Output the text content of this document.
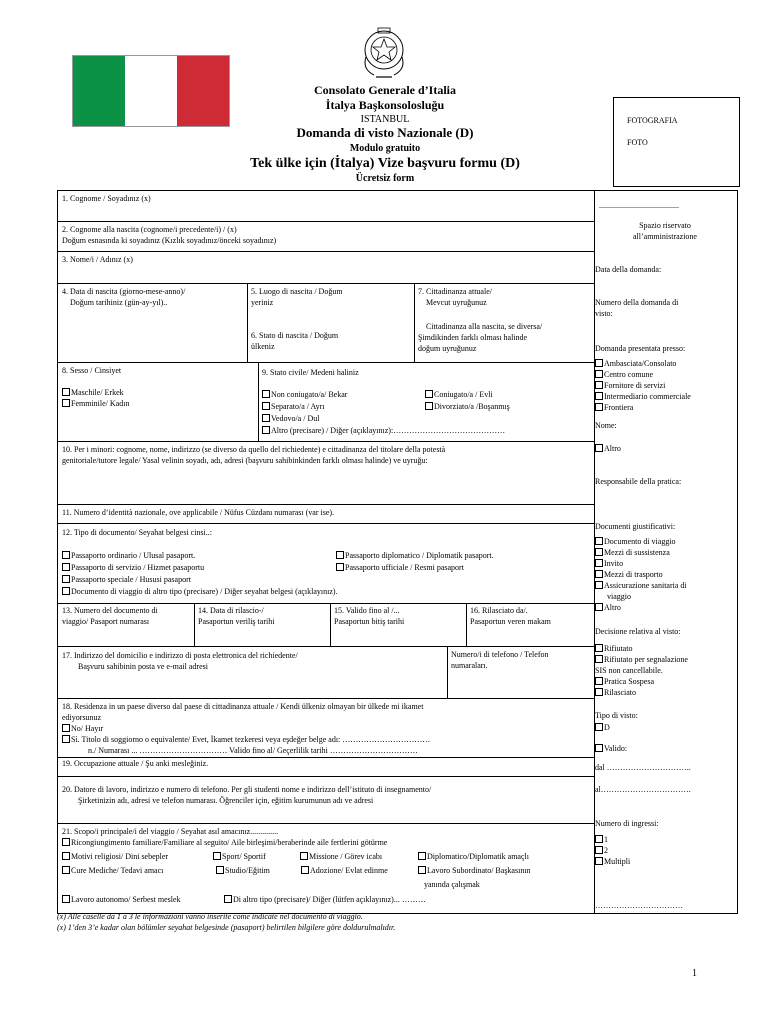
Consolato Generale d’Italia
İtalya Başkonsolosluğu
ISTANBUL
Domanda di visto Nazionale (D)
Modulo gratuito
Tek ülke için (İtalya) Vize başvuru formu (D)
Ücretsiz form
FOTOGRAFIA
FOTO
1. Cognome / Soyadınız (x)
2. Cognome alla nascita (cognome/i precedente/i) / (x)
Doğum esnasında ki soyadınız (Kızlık soyadınız/önceki soyadınız)
3. Nome/i / Adınız (x)
4. Data di nascita (giorno-mese-anno)/
Doğum tarihiniz (gün-ay-yıl)..
5. Luogo di nascita / Doğum
yeriniz
6. Stato di nascita / Doğum
ülkeniz
7. Cittadinanza attuale/
Mevcut uyruğunuz
Cittadinanza alla nascita, se diversa/
Şimdikinden farklı olması halinde
doğum uyruğunuz
8. Sesso / Cinsiyet
Maschile/ Erkek
Femminile/ Kadın
9. Stato civile/ Medeni haliniz
Non coniugato/a/ Bekar
Separato/a / Ayrı
Vedovo/a / Dul
Altro (precisare) / Diğer (açıklayınız):……………………………………
Coniugato/a / Evli
Divorziato/a /Boşanmış
10. Per i minori: cognome, nome, indirizzo (se diverso da quello del richiedente) e cittadinanza del titolare della potestà
genitoriale/tutore legale/ Yasal velinin soyadı, adı, adresi (başvuru sahibinkinden farklı olması halinde) ve uyruğu:
11. Numero d’identità nazionale, ove applicabile / Nüfus Cüzdanı numarası (var ise).
12. Tipo di documento/ Seyahat belgesi cinsi..:
Passaporto ordinario / Ulusal pasaport.
Passaporto di servizio / Hizmet pasaportu
Passaporto speciale / Hususi pasaport
Documento di viaggio di altro tipo (precisare) / Diğer seyahat belgesi (açıklayınız).
Passaporto diplomatico / Diplomatik pasaport.
Passaporto ufficiale / Resmi pasaport
13. Numero del documento di
viaggio/ Pasaport numarası
14. Data di rilascio-/
Pasaportun veriliş tarihi
15. Valido fino al /...
Pasaportun bitiş tarihi
16. Rilasciato da/.
Pasaportun veren makam
17. Indirizzo del domicilio e indirizzo di posta elettronica del richiedente/
Başvuru sahibinin posta ve e-mail adresi
Numero/i di telefono / Telefon
numaraları.
18. Residenza in un paese diverso dal paese di cittadinanza attuale / Kendi ülkeniz olmayan bir ülkede mi ikamet
ediyorsunuz
No/ Hayır
Sì. Titolo di soggiorno o equivalente/ Evet, İkamet tezkeresi veya eşdeğer belge adı: ……………………………
n./ Numarası ... …………………………… Valido fino al/ Geçerlilik tarihi ……………………………
19. Occupazione attuale / Şu anki mesleğiniz.
20. Datore di lavoro, indirizzo e numero di telefono. Per gli studenti nome e indirizzo dell’istituto di insegnamento/
Şirketinizin adı, adresi ve telefon numarası. Öğrenciler için, eğitim kurumunun adı ve adresi
21. Scopo/i principale/i del viaggio / Seyahat asıl amacınız..............
Ricongiungimento familiare/Familiare al seguito/ Aile birleşimi/beraberinde aile fertlerini götürme
Motivi religiosi/ Dini sebepler	Sport/ Sportif	Missione / Görev icabı	Diplomatico/Diplomatik amaçlı
Cure Mediche/ Tedavi amacı	Studio/Eğitim	Adozione/ Evlat edinme	Lavoro Subordinato/ Başkasının
yanında çalışmak
Lavoro autonomo/ Serbest meslek	Di altro tipo (precisare)/ Diğer (lütfen açıklayınız)... ………
........................................
Spazio riservato
all’amministrazione
Data della domanda:
Numero della domanda di
visto:
Domanda presentata presso:
Ambasciata/Consolato
Centro comune
Fornitore di servizi
Intermediario commerciale
Frontiera
Nome:
Altro
Responsabile della pratica:
Documenti giustificativi:
Documento di viaggio
Mezzi di sussistenza
Invito
Mezzi di trasporto
Assicurazione sanitaria di
viaggio
Altro
Decisione relativa al visto:
Rifiutato
Rifiutato per segnalazione
SIS non cancellabile.
Pratica Sospesa
Rilasciato
Tipo di visto:
D
Valido:
dal …………………………..
al…………………………….
Numero di ingressi:
1
2
Multipli
……………………………
(x) Alle caselle da 1 a 3 le informazioni vanno inserite come indicate nel documento di viaggio.
(x) 1’den 3’e kadar olan bölümler seyahat belgesinde (pasaport) belirtilen bilgilere göre doldurulmalıdır.
1
